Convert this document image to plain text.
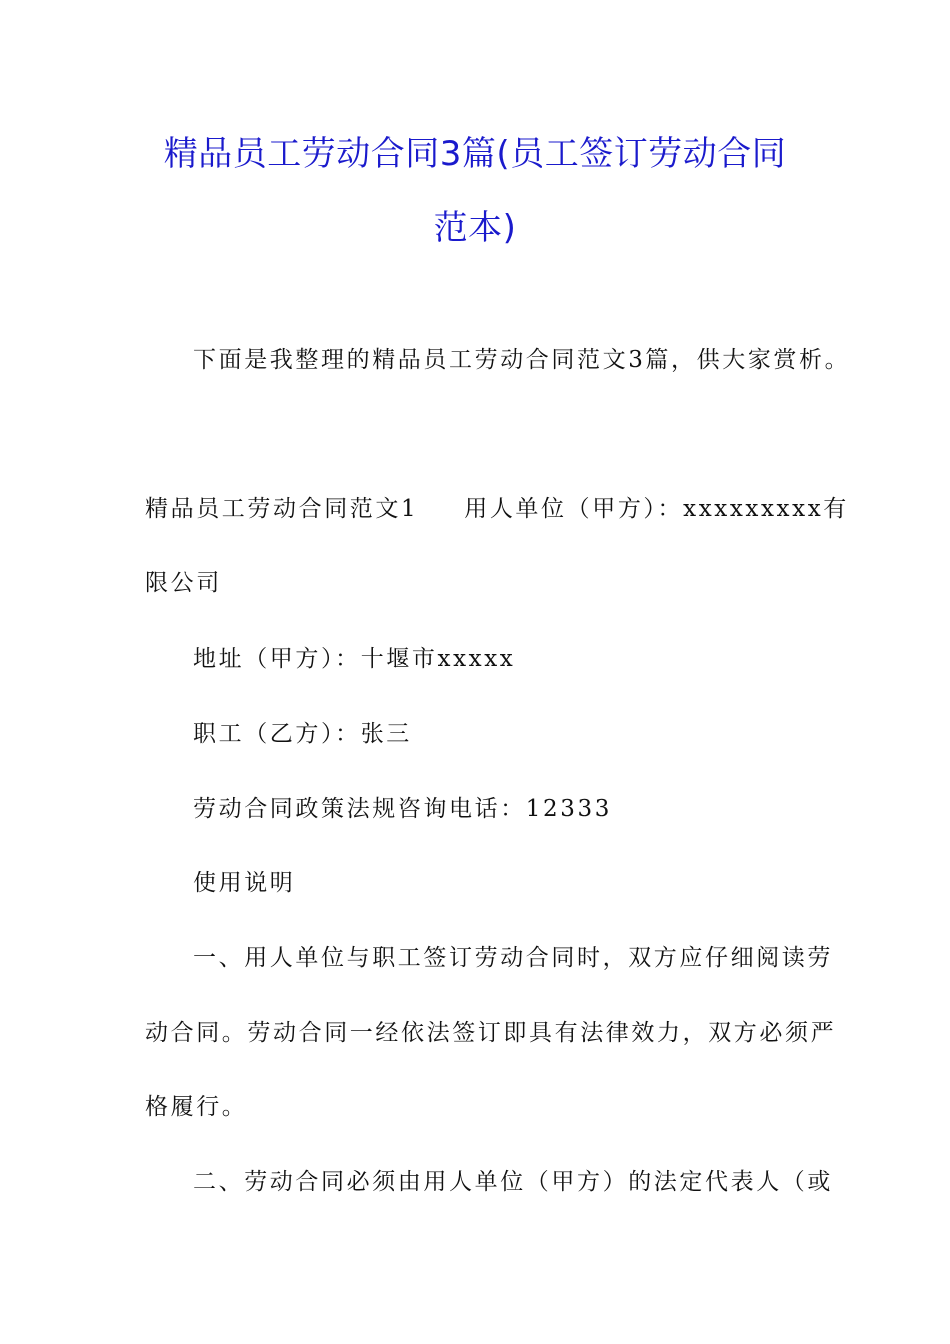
精品员工劳动合同3篇(员工签订劳动合同
范本)

下面是我整理的精品员工劳动合同范文3篇，供大家赏析。

精品员工劳动合同范文1 用人单位（甲方）：xxxxxxxxx有

限公司

地址（甲方）：十堰市xxxxx

职工（乙方）：张三

劳动合同政策法规咨询电话：12333

使用说明

一、用人单位与职工签订劳动合同时，双方应仔细阅读劳

动合同。劳动合同一经依法签订即具有法律效力，双方必须严

格履行。

二、劳动合同必须由用人单位（甲方）的法定代表人（或
